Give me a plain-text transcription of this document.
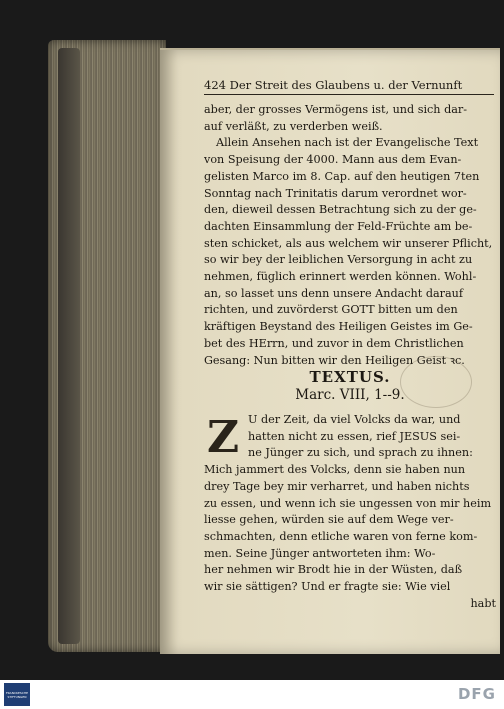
424 Der Streit des Glaubens u. der Vernunft
aber, der grosses Vermögens ist, und sich dar-
auf verläßt, zu verderben weiß.
Allein Ansehen nach ist der Evangelische Text
von Speisung der 4000. Mann aus dem Evan-
gelisten Marco im 8. Cap. auf den heutigen 7ten
Sonntag nach Trinitatis darum verordnet wor-
den, dieweil dessen Betrachtung sich zu der ge-
dachten Einsammlung der Feld-Früchte am be-
sten schicket, als aus welchem wir unserer Pflicht,
so wir bey der leiblichen Versorgung in acht zu
nehmen, füglich erinnert werden können. Wohl-
an, so lasset uns denn unsere Andacht darauf
richten, und zuvörderst GOTT bitten um den
kräftigen Beystand des Heiligen Geistes im Ge-
bet des HErrn, und zuvor in dem Christlichen
Gesang: Nun bitten wir den Heiligen Geist ꝛc.
TEXTUS.
Marc. VIII, 1--9.
Z U der Zeit, da viel Volcks da war, und
hatten nicht zu essen, rief JESUS sei-
ne Jünger zu sich, und sprach zu ihnen:
Mich jammert des Volcks, denn sie haben nun
drey Tage bey mir verharret, und haben nichts
zu essen, und wenn ich sie ungessen von mir heim
liesse gehen, würden sie auf dem Wege ver-
schmachten, denn etliche waren von ferne kom-
men. Seine Jünger antworteten ihm: Wo-
her nehmen wir Brodt hie in der Wüsten, daß
wir sie sättigen? Und er fragte sie: Wie viel
habt
FRANCKESCHE STIFTUNGEN	DFG
